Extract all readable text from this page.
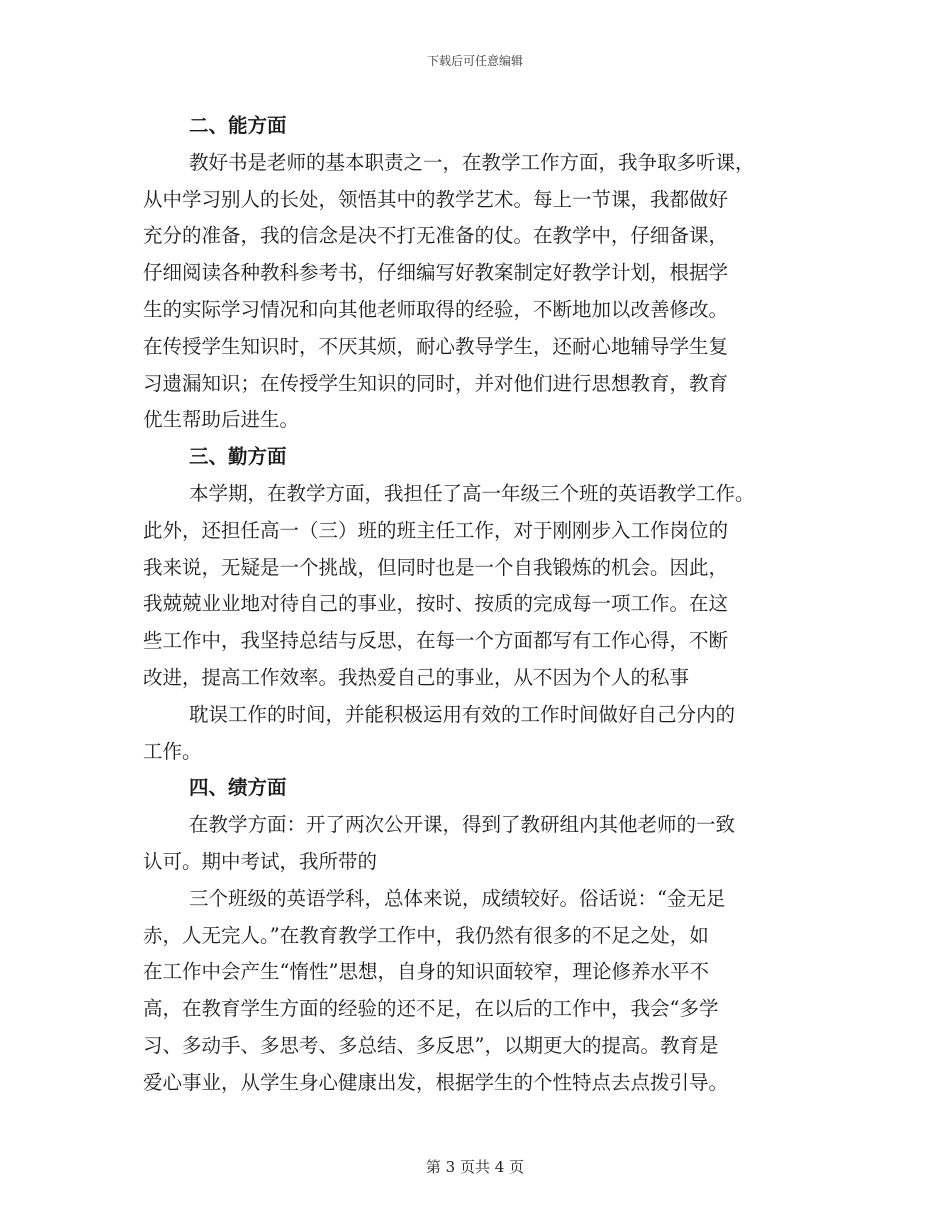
下载后可任意编辑
二、能方面
教好书是老师的基本职责之一，在教学工作方面，我争取多听课，
从中学习别人的长处，领悟其中的教学艺术。每上一节课，我都做好
充分的准备，我的信念是决不打无准备的仗。在教学中，仔细备课，
仔细阅读各种教科参考书，仔细编写好教案制定好教学计划，根据学
生的实际学习情况和向其他老师取得的经验，不断地加以改善修改。
在传授学生知识时，不厌其烦，耐心教导学生，还耐心地辅导学生复
习遗漏知识；在传授学生知识的同时，并对他们进行思想教育，教育
优生帮助后进生。
三、勤方面
本学期，在教学方面，我担任了高一年级三个班的英语教学工作。
此外，还担任高一（三）班的班主任工作，对于刚刚步入工作岗位的
我来说，无疑是一个挑战，但同时也是一个自我锻炼的机会。因此，
我兢兢业业地对待自己的事业，按时、按质的完成每一项工作。在这
些工作中，我坚持总结与反思，在每一个方面都写有工作心得，不断
改进，提高工作效率。我热爱自己的事业，从不因为个人的私事
耽误工作的时间，并能积极运用有效的工作时间做好自己分内的
工作。
四、绩方面
在教学方面：开了两次公开课，得到了教研组内其他老师的一致
认可。期中考试，我所带的
三个班级的英语学科，总体来说，成绩较好。俗话说：“金无足
赤，人无完人。”在教育教学工作中，我仍然有很多的不足之处，如
在工作中会产生“惰性”思想，自身的知识面较窄，理论修养水平不
高，在教育学生方面的经验的还不足，在以后的工作中，我会“多学
习、多动手、多思考、多总结、多反思”，以期更大的提高。教育是
爱心事业，从学生身心健康出发，根据学生的个性特点去点拨引导。
第 3 页共 4 页
